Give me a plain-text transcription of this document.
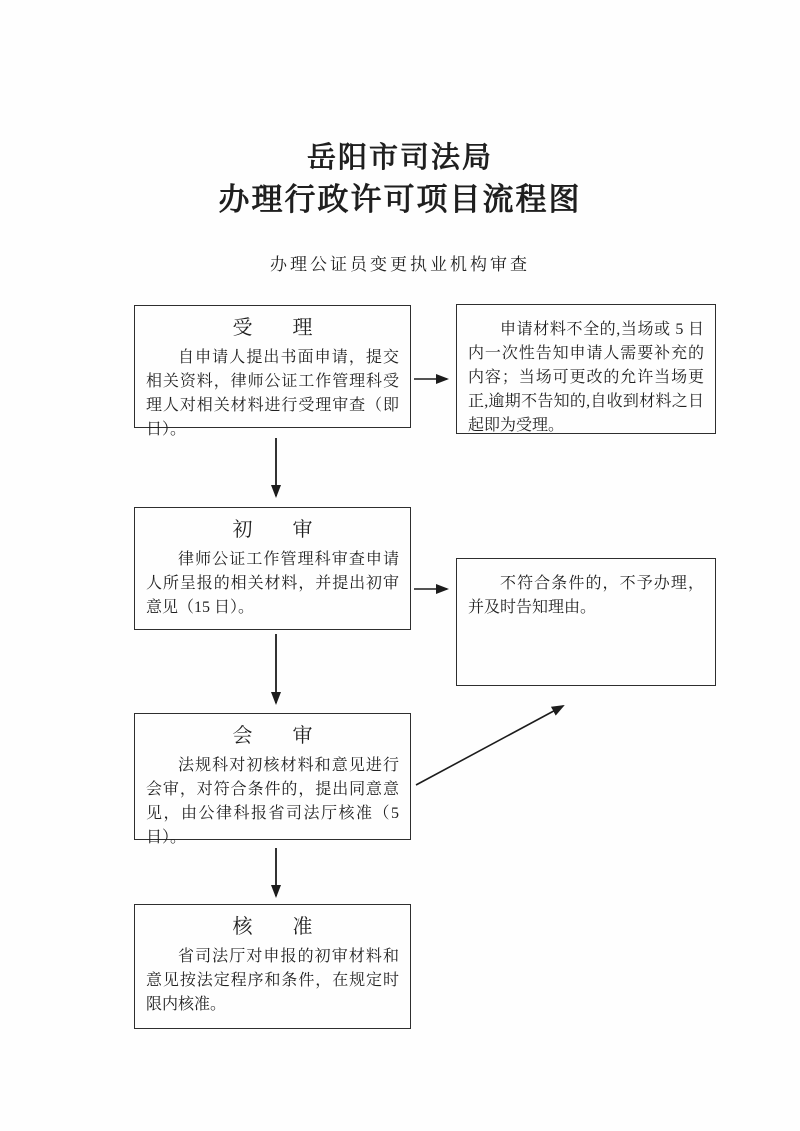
岳阳市司法局
办理行政许可项目流程图
办理公证员变更执业机构审查
受　　理
自申请人提出书面申请，提交相关资料，律师公证工作管理科受理人对相关材料进行受理审查（即日）。
申请材料不全的,当场或 5 日内一次性告知申请人需要补充的内容；当场可更改的允许当场更正,逾期不告知的,自收到材料之日起即为受理。
初　　审
律师公证工作管理科审查申请人所呈报的相关材料，并提出初审意见（15 日）。
不符合条件的，不予办理，并及时告知理由。
会　　审
法规科对初核材料和意见进行会审，对符合条件的，提出同意意见，由公律科报省司法厅核准（5 日）。
核　　准
省司法厅对申报的初审材料和意见按法定程序和条件，在规定时限内核准。
